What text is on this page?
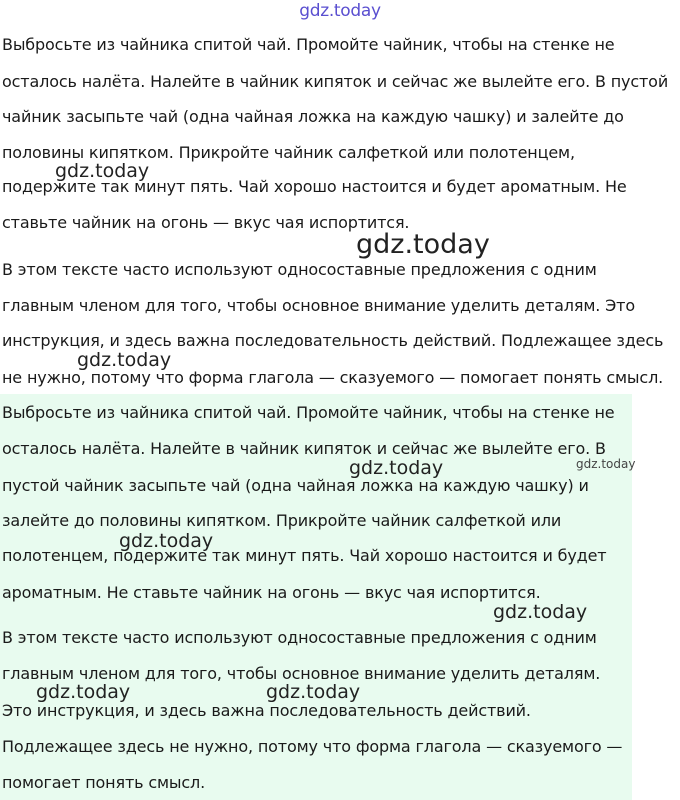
gdz.today
Выбросьте из чайника спитой чай. Промойте чайник, чтобы на стенке не
осталось налёта. Налейте в чайник кипяток и сейчас же вылейте его. В пустой
чайник засыпьте чай (одна чайная ложка на каждую чашку) и залейте до
половины кипятком. Прикройте чайник салфеткой или полотенцем,
подержите так минут пять. Чай хорошо настоится и будет ароматным. Не
ставьте чайник на огонь — вкус чая испортится.
В этом тексте часто используют односоставные предложения с одним
главным членом для того, чтобы основное внимание уделить деталям. Это
инструкция, и здесь важна последовательность действий. Подлежащее здесь
не нужно, потому что форма глагола — сказуемого — помогает понять смысл.
Выбросьте из чайника спитой чай. Промойте чайник, чтобы на стенке не
осталось налёта. Налейте в чайник кипяток и сейчас же вылейте его. В
пустой чайник засыпьте чай (одна чайная ложка на каждую чашку) и
залейте до половины кипятком. Прикройте чайник салфеткой или
полотенцем, подержите так минут пять. Чай хорошо настоится и будет
ароматным. Не ставьте чайник на огонь — вкус чая испортится.
В этом тексте часто используют односоставные предложения с одним
главным членом для того, чтобы основное внимание уделить деталям.
Это инструкция, и здесь важна последовательность действий.
Подлежащее здесь не нужно, потому что форма глагола — сказуемого —
помогает понять смысл.
gdz.today
gdz.today
gdz.today
gdz.today	gdz.today
gdz.today
gdz.today
gdz.today	gdz.today
